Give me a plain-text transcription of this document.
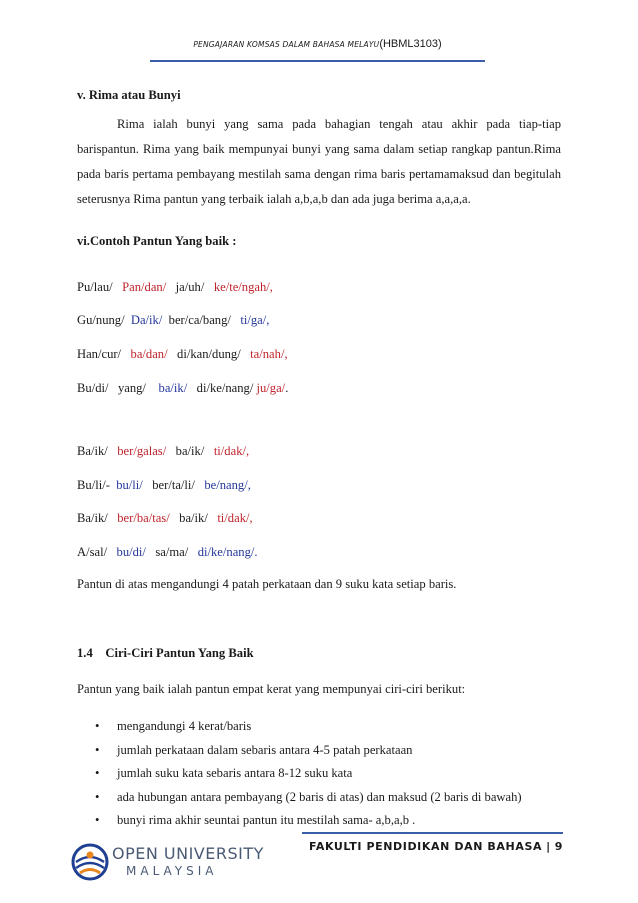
PENGAJARAN KOMSAS DALAM BAHASA MELAYU(HBML3103)

v. Rima atau Bunyi

Rima ialah bunyi yang sama pada bahagian tengah atau akhir pada tiap-tiap barispantun. Rima yang baik mempunyai bunyi yang sama dalam setiap rangkap pantun.Rima pada baris pertama pembayang mestilah sama dengan rima baris pertamamaksud dan begitulah seterusnya Rima pantun yang terbaik ialah a,b,a,b dan ada juga berima a,a,a,a.
vi.Contoh Pantun Yang baik :
Pu/lau/ Pan/dan/ ja/uh/ ke/te/ngah/,
Gu/nung/ Da/ik/ ber/ca/bang/ ti/ga/,
Han/cur/ ba/dan/ di/kan/dung/ ta/nah/,
Bu/di/ yang/ ba/ik/ di/ke/nang/ ju/ga/.
Ba/ik/ ber/galas/ ba/ik/ ti/dak/,
Bu/li/- bu/li/ ber/ta/li/ be/nang/,
Ba/ik/ ber/ba/tas/ ba/ik/ ti/dak/,
A/sal/ bu/di/ sa/ma/ di/ke/nang/.
Pantun di atas mengandungi 4 patah perkataan dan 9 suku kata setiap baris.
1.4 Ciri-Ciri Pantun Yang Baik
Pantun yang baik ialah pantun empat kerat yang mempunyai ciri-ciri berikut:
• mengandungi 4 kerat/baris
• jumlah perkataan dalam sebaris antara 4-5 patah perkataan
• jumlah suku kata sebaris antara 8-12 suku kata
• ada hubungan antara pembayang (2 baris di atas) dan maksud (2 baris di bawah)
• bunyi rima akhir seuntai pantun itu mestilah sama- a,b,a,b .
OPEN UNIVERSITY
MALAYSIA
FAKULTI PENDIDIKAN DAN BAHASA | 9
